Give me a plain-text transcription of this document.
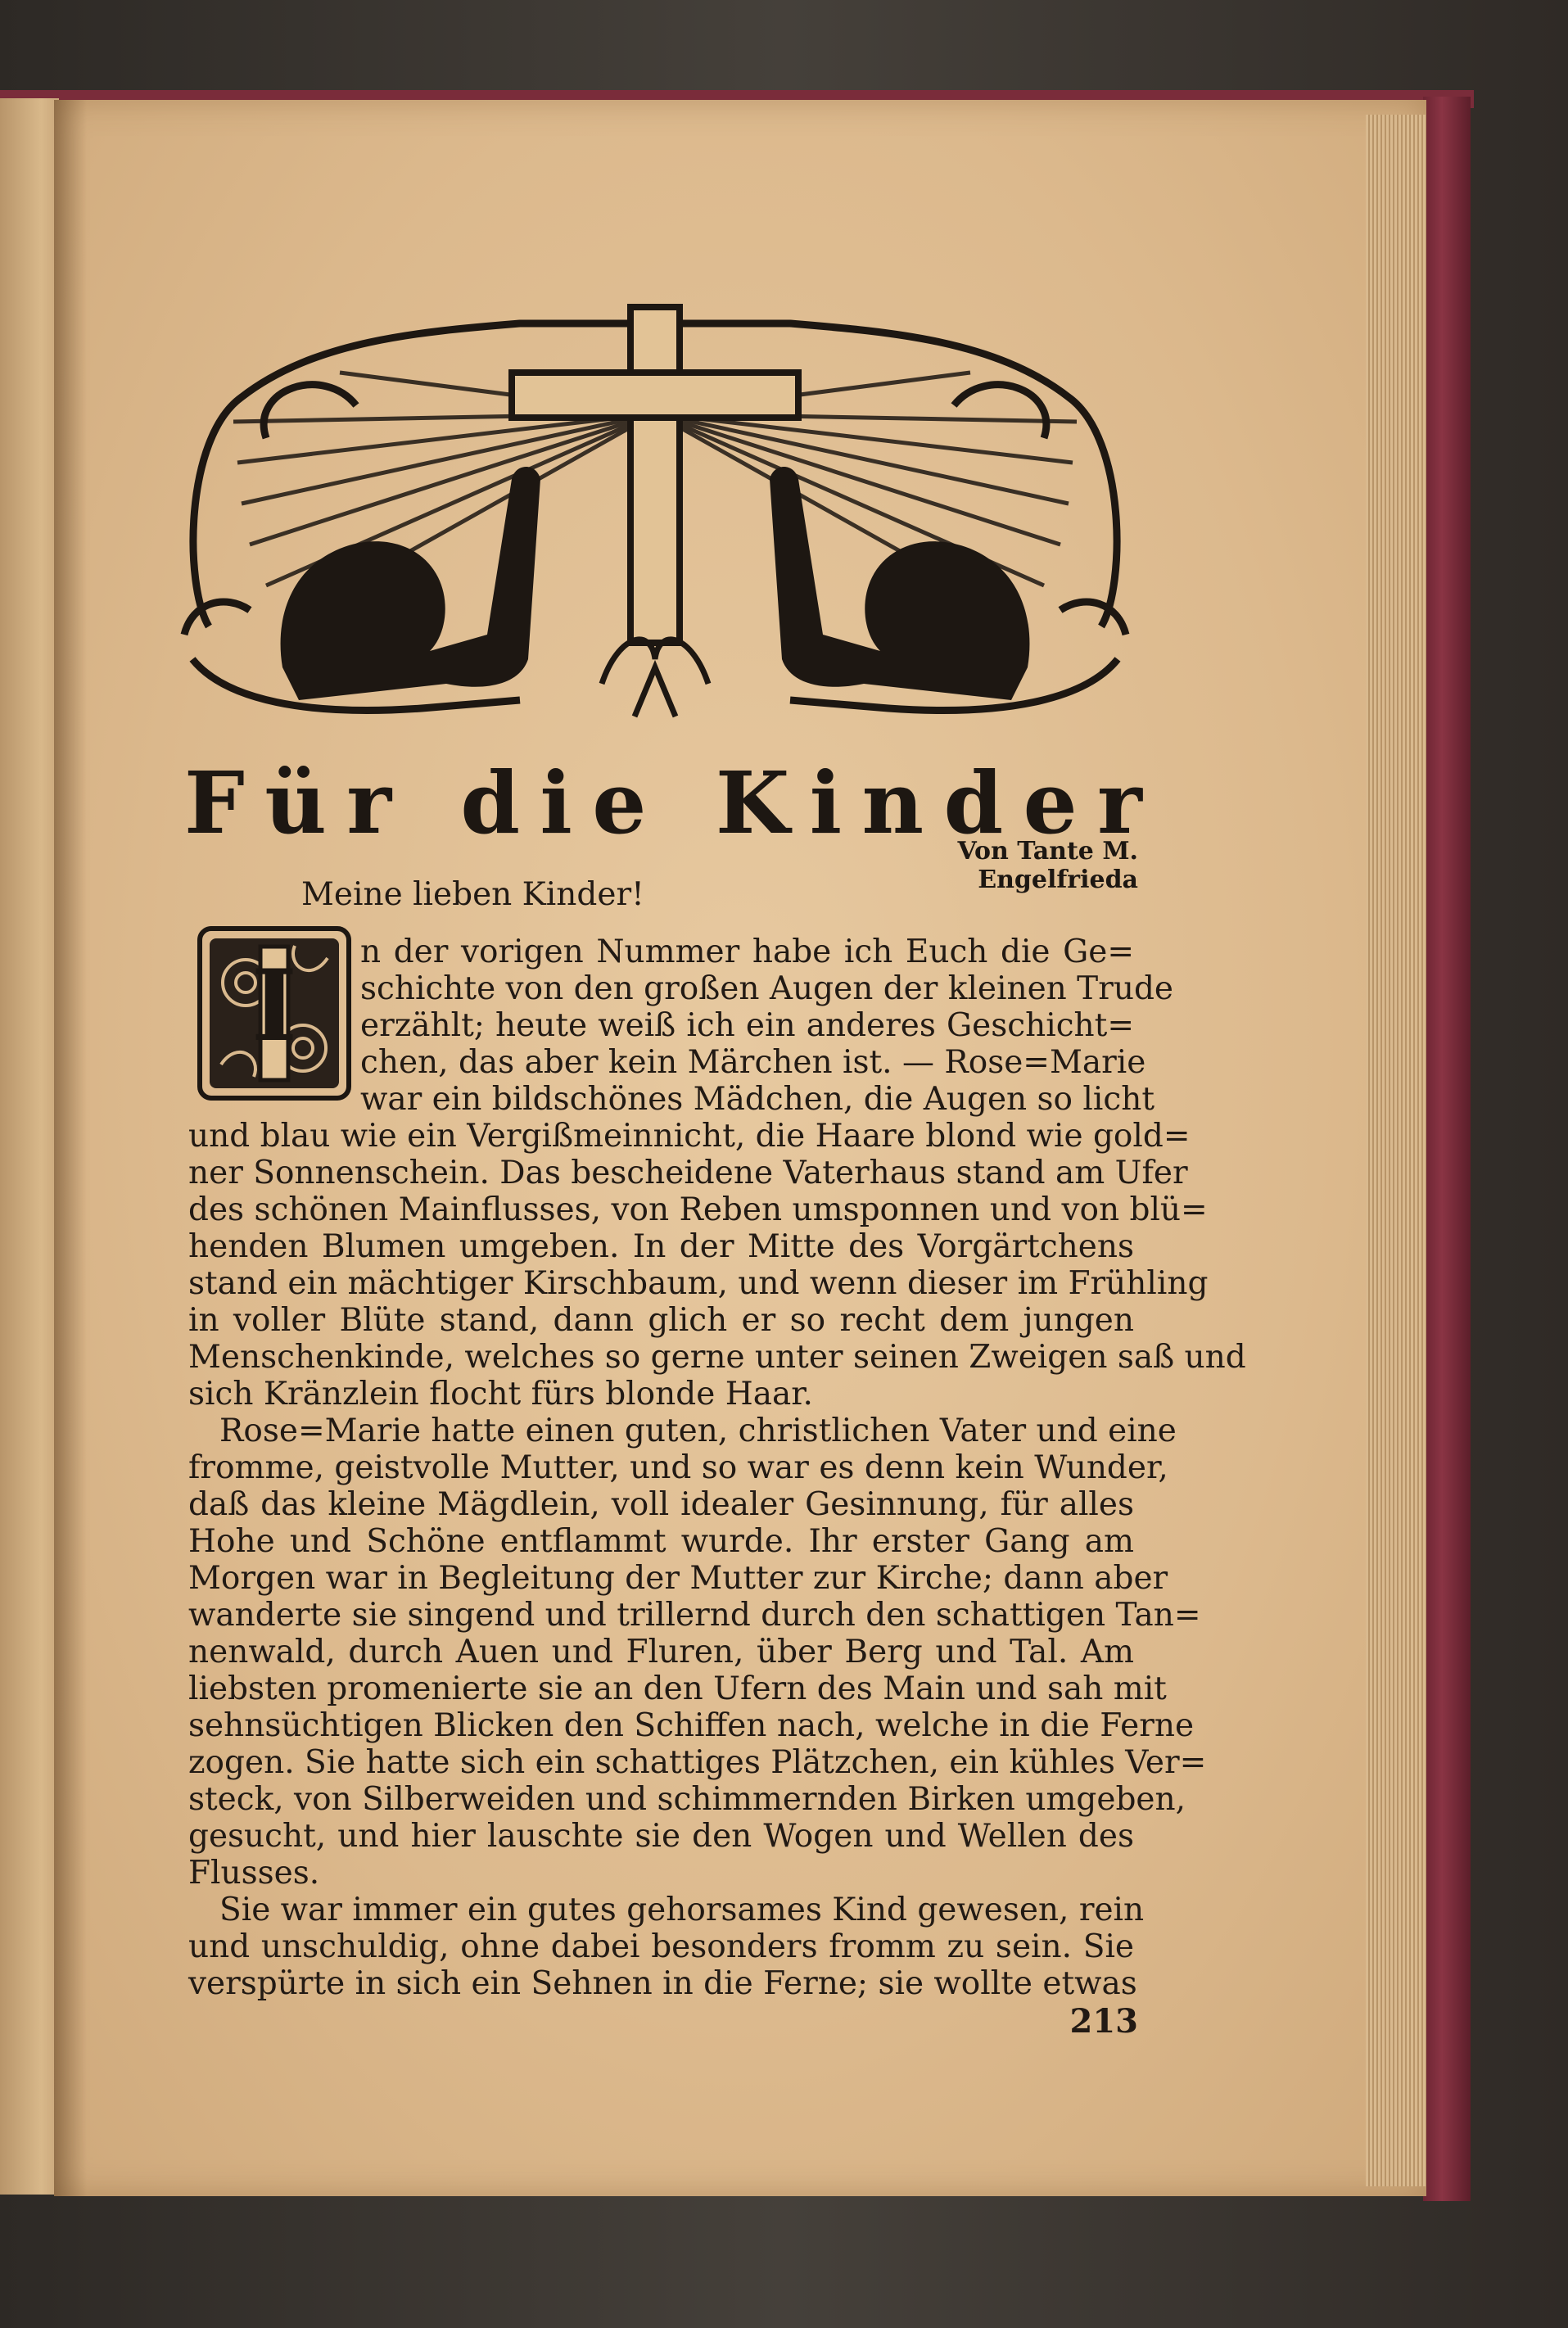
F ü r d i e K i n d e r
Von Tante M. Engelfrieda
Meine lieben Kinder!
I n der vorigen Nummer habe ich Euch die Ge=
schichte von den großen Augen der kleinen Trude
erzählt; heute weiß ich ein anderes Geschicht=
chen, das aber kein Märchen ist. — Rose=Marie
war ein bildschönes Mädchen, die Augen so licht
und blau wie ein Vergißmeinnicht, die Haare blond wie gold=
ner Sonnenschein. Das bescheidene Vaterhaus stand am Ufer
des schönen Mainflusses, von Reben umsponnen und von blü=
henden Blumen umgeben. In der Mitte des Vorgärtchens
stand ein mächtiger Kirschbaum, und wenn dieser im Frühling
in voller Blüte stand, dann glich er so recht dem jungen
Menschenkinde, welches so gerne unter seinen Zweigen saß und
sich Kränzlein flocht fürs blonde Haar.
Rose=Marie hatte einen guten, christlichen Vater und eine
fromme, geistvolle Mutter, und so war es denn kein Wunder,
daß das kleine Mägdlein, voll idealer Gesinnung, für alles
Hohe und Schöne entflammt wurde. Ihr erster Gang am
Morgen war in Begleitung der Mutter zur Kirche; dann aber
wanderte sie singend und trillernd durch den schattigen Tan=
nenwald, durch Auen und Fluren, über Berg und Tal. Am
liebsten promenierte sie an den Ufern des Main und sah mit
sehnsüchtigen Blicken den Schiffen nach, welche in die Ferne
zogen. Sie hatte sich ein schattiges Plätzchen, ein kühles Ver=
steck, von Silberweiden und schimmernden Birken umgeben,
gesucht, und hier lauschte sie den Wogen und Wellen des
Flusses.
Sie war immer ein gutes gehorsames Kind gewesen, rein
und unschuldig, ohne dabei besonders fromm zu sein. Sie
verspürte in sich ein Sehnen in die Ferne; sie wollte etwas
213
